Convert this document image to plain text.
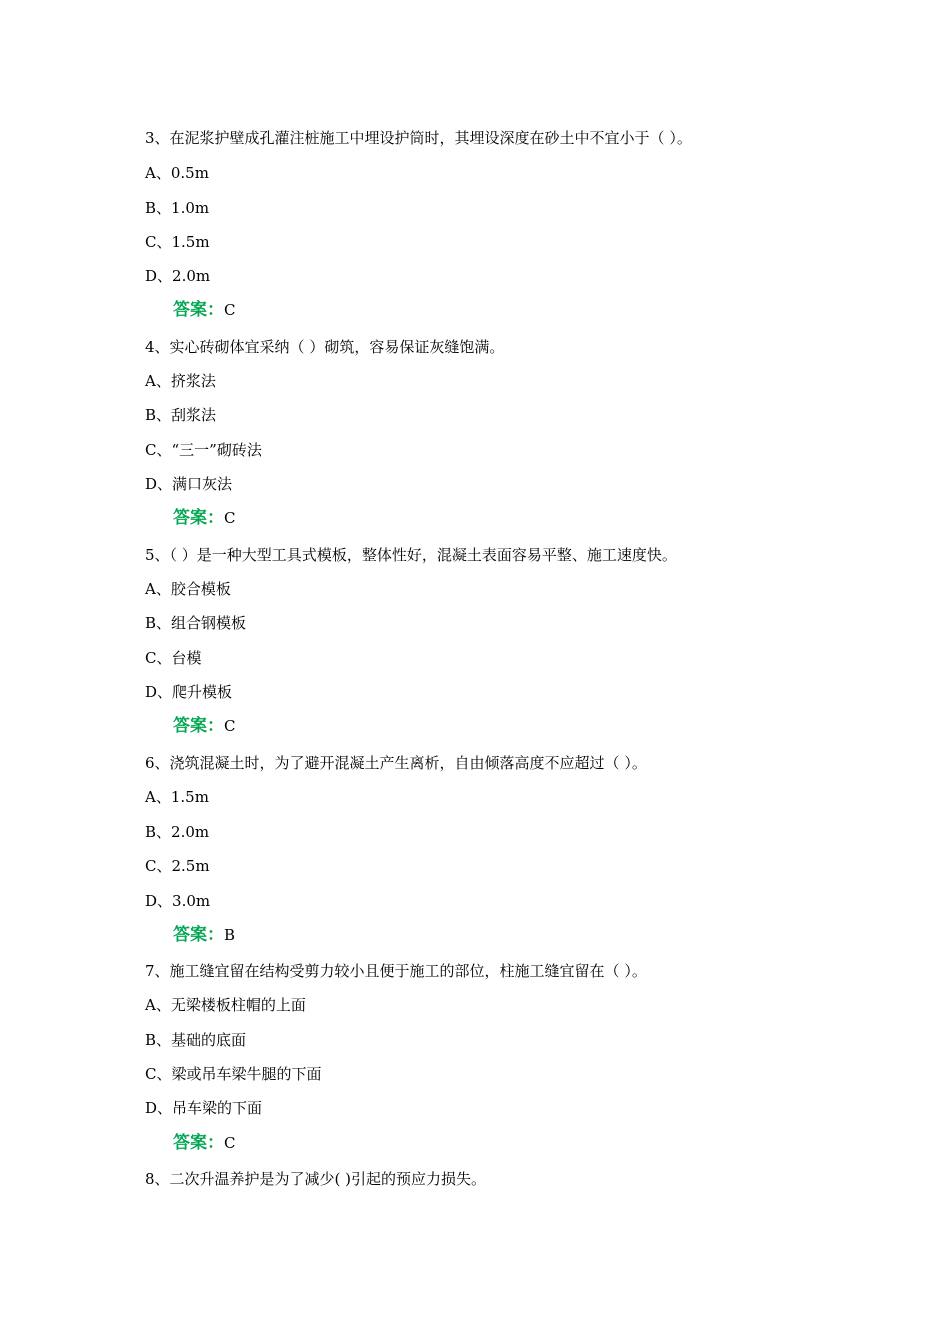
3、在泥浆护壁成孔灌注桩施工中埋设护筒时，其埋设深度在砂土中不宜小于（ ）。
A、0.5m
B、1.0m
C、1.5m
D、2.0m
答案：C
4、实心砖砌体宜采纳（ ）砌筑，容易保证灰缝饱满。
A、挤浆法
B、刮浆法
C、“三一”砌砖法
D、满口灰法
答案：C
5、（ ）是一种大型工具式模板，整体性好，混凝土表面容易平整、施工速度快。
A、胶合模板
B、组合钢模板
C、台模
D、爬升模板
答案：C
6、浇筑混凝土时，为了避开混凝土产生离析，自由倾落高度不应超过（ ）。
A、1.5m
B、2.0m
C、2.5m
D、3.0m
答案：B
7、施工缝宜留在结构受剪力较小且便于施工的部位，柱施工缝宜留在（ ）。
A、无梁楼板柱帽的上面
B、基础的底面
C、梁或吊车梁牛腿的下面
D、吊车梁的下面
答案：C
8、二次升温养护是为了减少( )引起的预应力损失。
